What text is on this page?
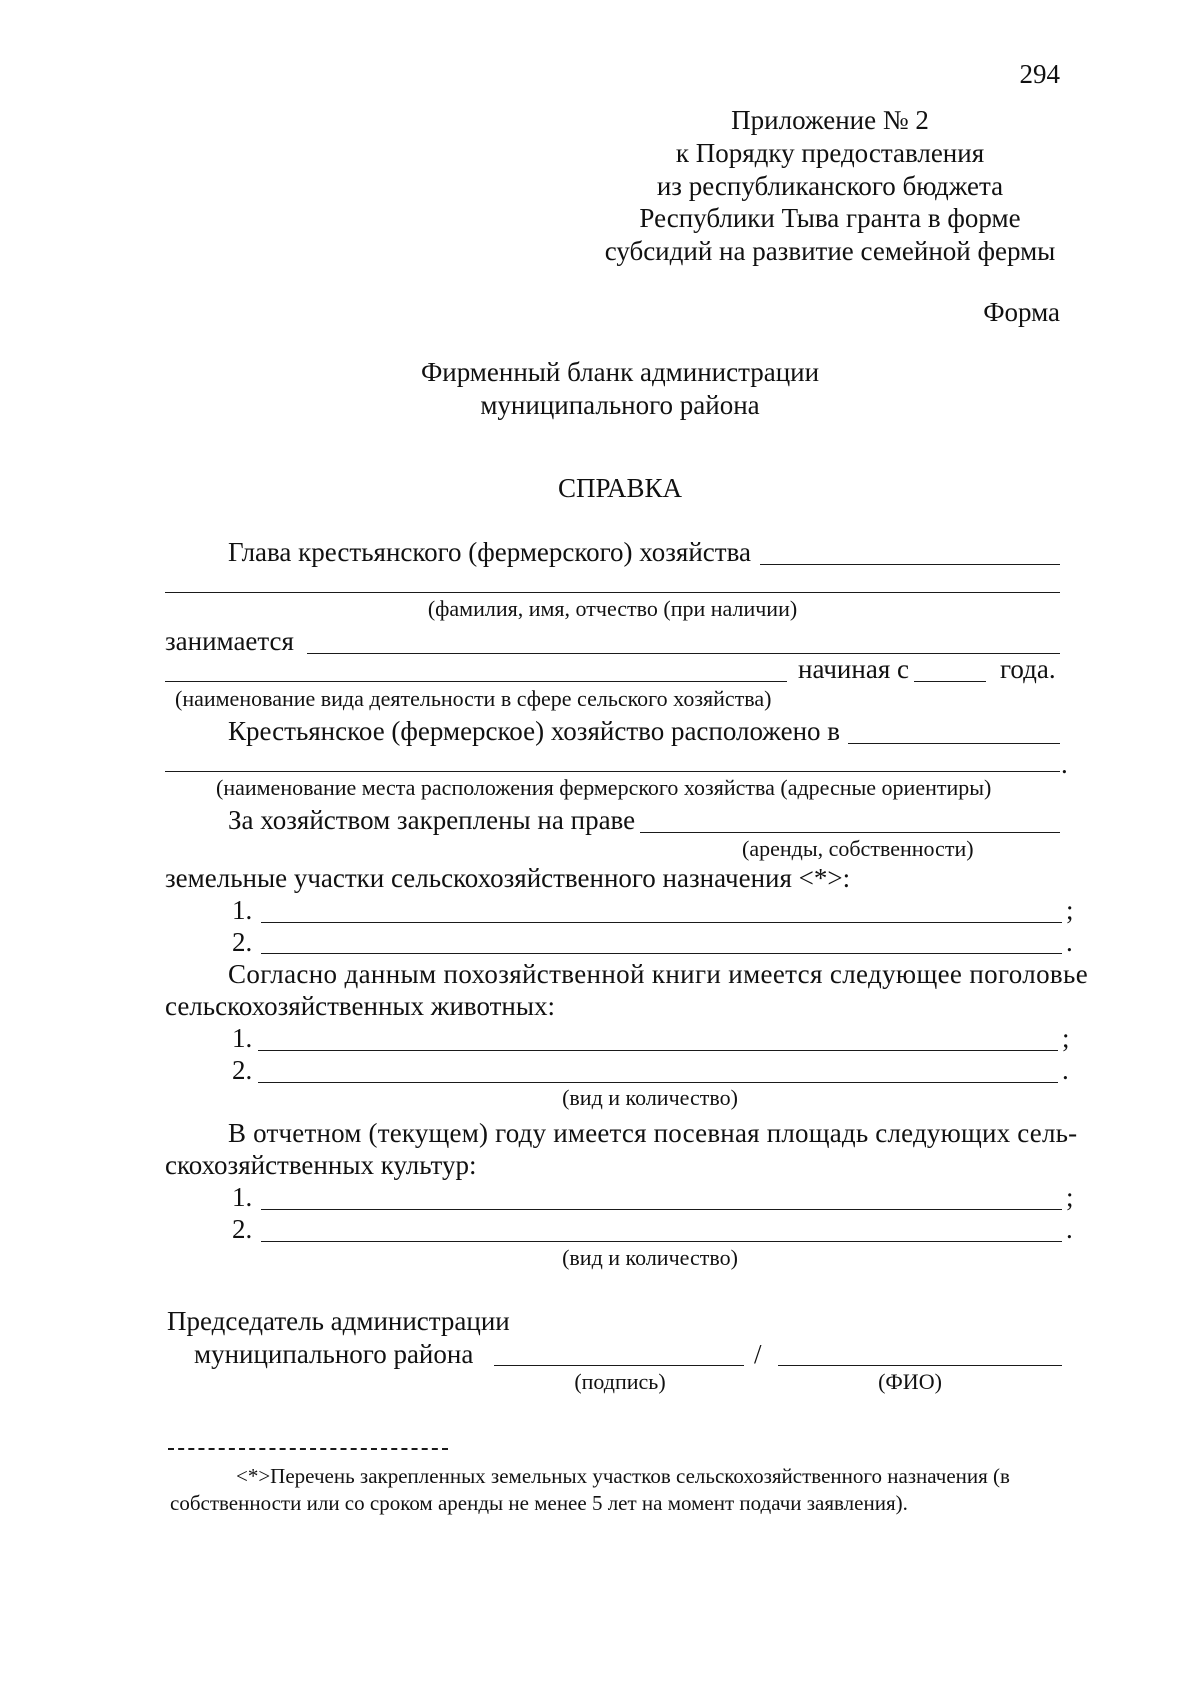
294
Приложение № 2
к Порядку предоставления
из республиканского бюджета
Республики Тыва гранта в форме
субсидий на развитие семейной фермы
Форма
Фирменный бланк администрации
муниципального района
СПРАВКА
Глава крестьянского (фермерского) хозяйства
(фамилия, имя, отчество (при наличии)
занимается
начиная с	года.
(наименование вида деятельности в сфере сельского хозяйства)
Крестьянское (фермерское) хозяйство расположено в
.
(наименование места расположения фермерского хозяйства (адресные ориентиры)
За хозяйством закреплены на праве
(аренды, собственности)
земельные участки сельскохозяйственного назначения <*>:
1.	;
2.	.
Согласно данным похозяйственной книги имеется следующее поголовье
сельскохозяйственных животных:
1.	;
2.	.
(вид и количество)
В отчетном (текущем) году имеется посевная площадь следующих сель-
скохозяйственных культур:
1.	;
2.	.
(вид и количество)
Председатель администрации
муниципального района	/
(подпись)	(ФИО)
<*>Перечень закрепленных земельных участков сельскохозяйственного назначения (в
собственности или со сроком аренды не менее 5 лет на момент подачи заявления).
